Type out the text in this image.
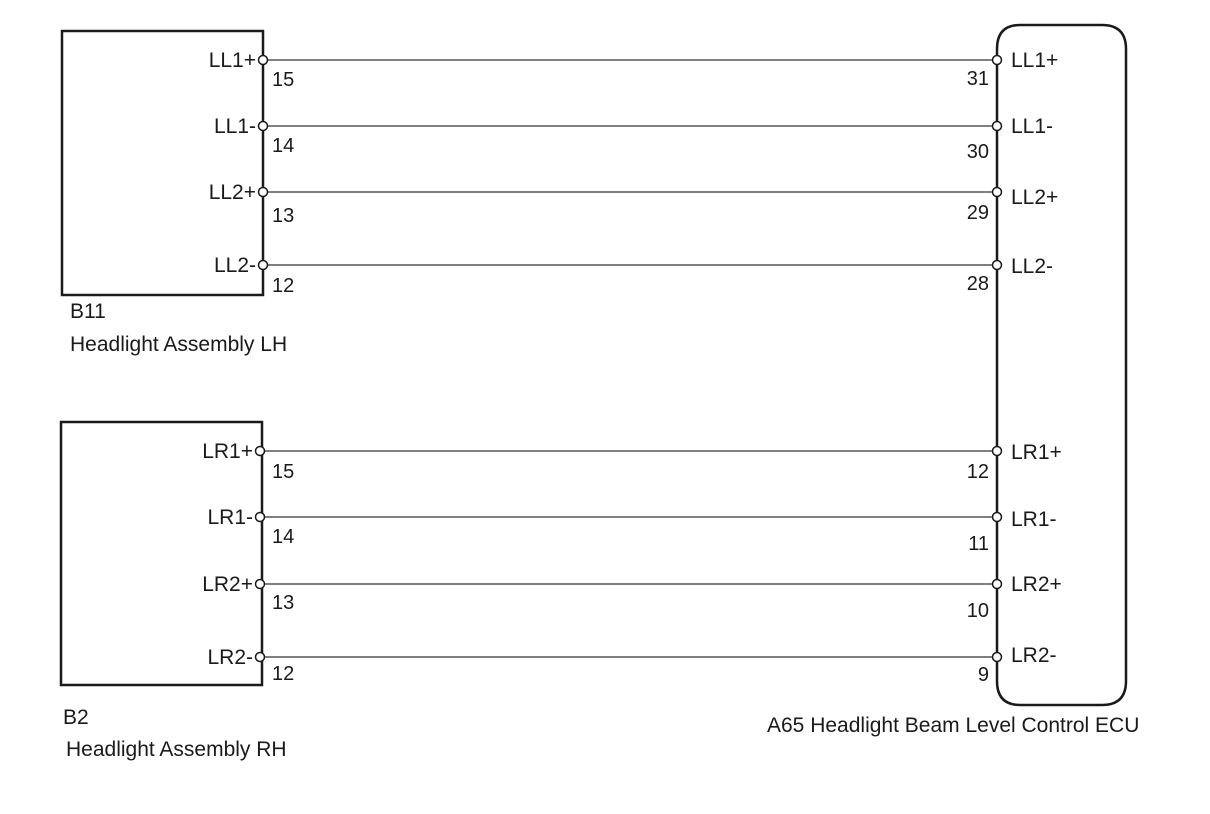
LL1+
LL1-
LL2+
LL2-
15
14
13
12
LR1+
LR1-
LR2+
LR2-
15
14
13
12
31
30
29
28
12
11
10
9
LL1+
LL1-
LL2+
LL2-
LR1+
LR1-
LR2+
LR2-
B11
Headlight Assembly LH
B2
Headlight Assembly RH
A65 Headlight Beam Level Control ECU
